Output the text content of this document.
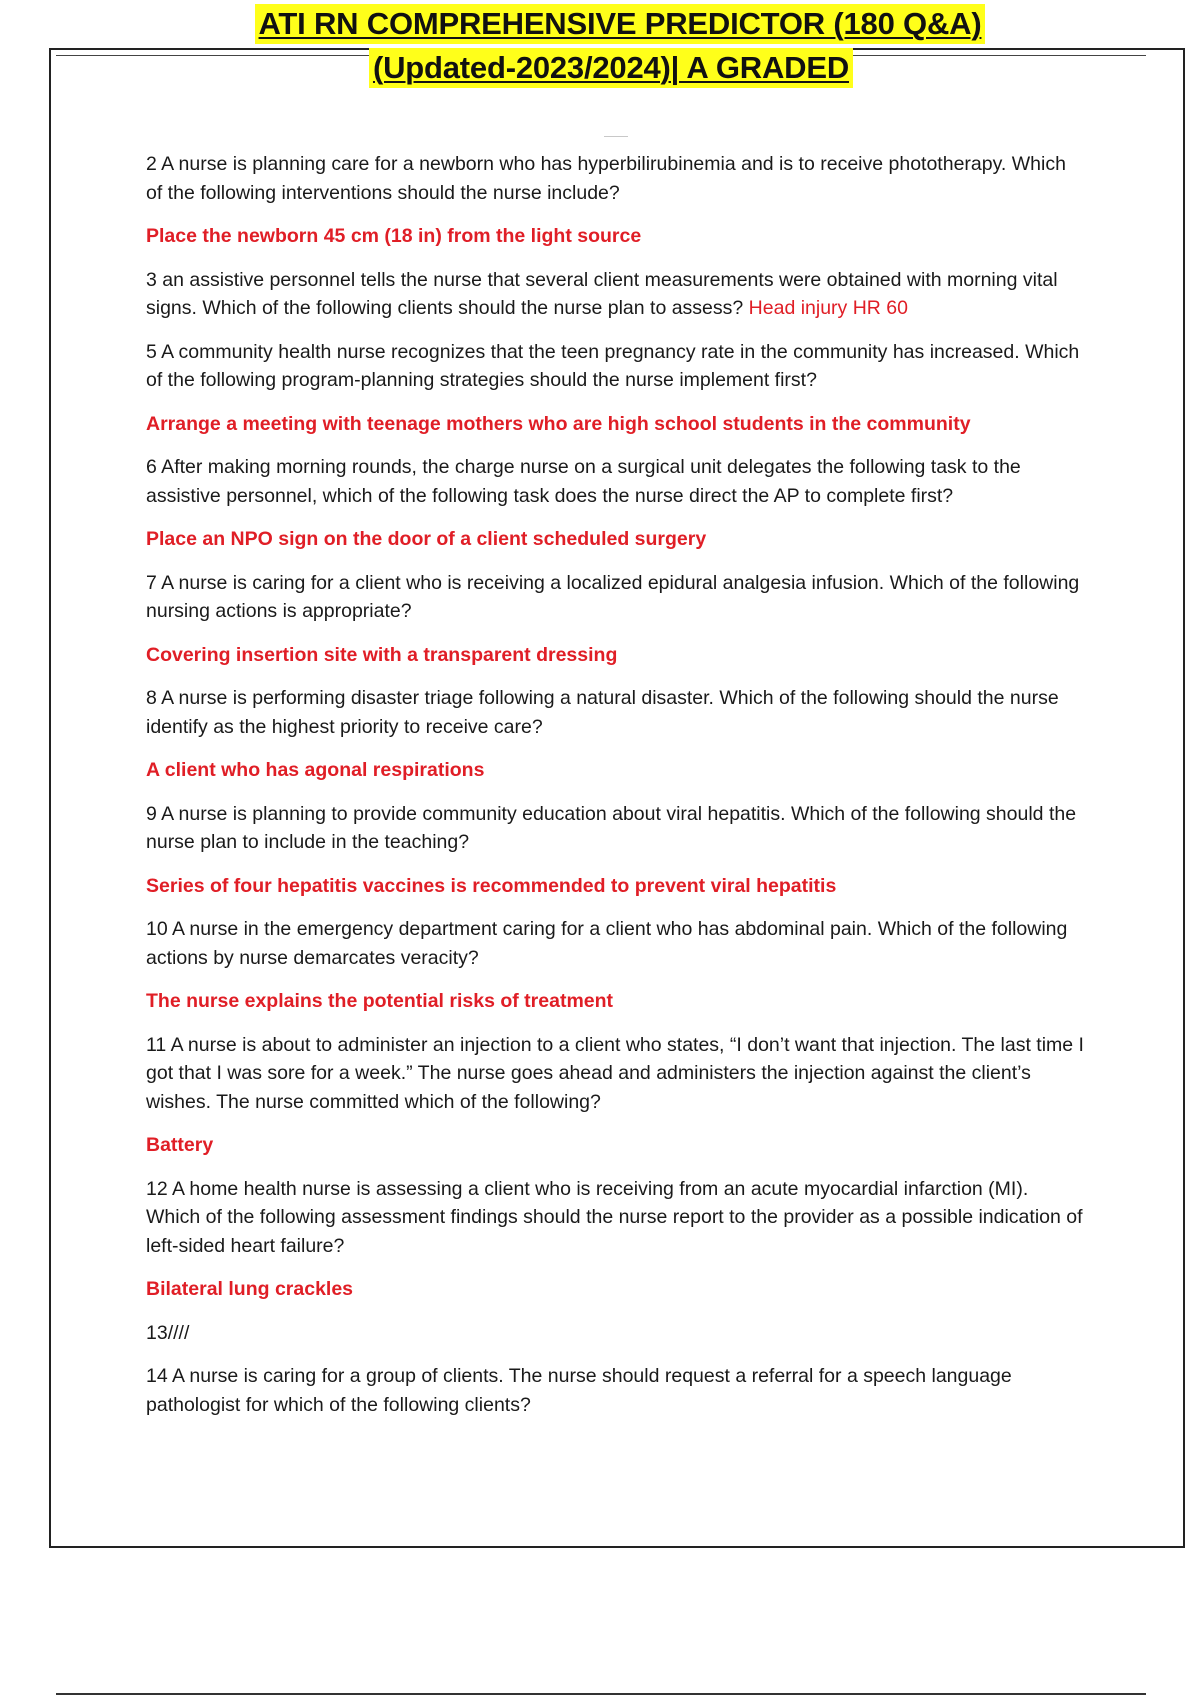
ATI RN COMPREHENSIVE PREDICTOR (180 Q&A)
(Updated-2023/2024)| A GRADED

2 A nurse is planning care for a newborn who has hyperbilirubinemia and is to receive phototherapy. Which of the following interventions should the nurse include?

Place the newborn 45 cm (18 in) from the light source

3 an assistive personnel tells the nurse that several client measurements were obtained with morning vital signs. Which of the following clients should the nurse plan to assess? Head injury HR 60

5 A community health nurse recognizes that the teen pregnancy rate in the community has increased. Which of the following program-planning strategies should the nurse implement first?

Arrange a meeting with teenage mothers who are high school students in the community

6 After making morning rounds, the charge nurse on a surgical unit delegates the following task to the assistive personnel, which of the following task does the nurse direct the AP to complete first?

Place an NPO sign on the door of a client scheduled surgery

7 A nurse is caring for a client who is receiving a localized epidural analgesia infusion. Which of the following nursing actions is appropriate?

Covering insertion site with a transparent dressing

8 A nurse is performing disaster triage following a natural disaster. Which of the following should the nurse identify as the highest priority to receive care?

A client who has agonal respirations

9 A nurse is planning to provide community education about viral hepatitis. Which of the following should the nurse plan to include in the teaching?

Series of four hepatitis vaccines is recommended to prevent viral hepatitis

10 A nurse in the emergency department caring for a client who has abdominal pain. Which of the following actions by nurse demarcates veracity?

The nurse explains the potential risks of treatment

11 A nurse is about to administer an injection to a client who states, “I don’t want that injection. The last time I got that I was sore for a week.” The nurse goes ahead and administers the injection against the client’s wishes. The nurse committed which of the following?

Battery

12 A home health nurse is assessing a client who is receiving from an acute myocardial infarction (MI). Which of the following assessment findings should the nurse report to the provider as a possible indication of left-sided heart failure?

Bilateral lung crackles

13////

14 A nurse is caring for a group of clients. The nurse should request a referral for a speech language pathologist for which of the following clients?
